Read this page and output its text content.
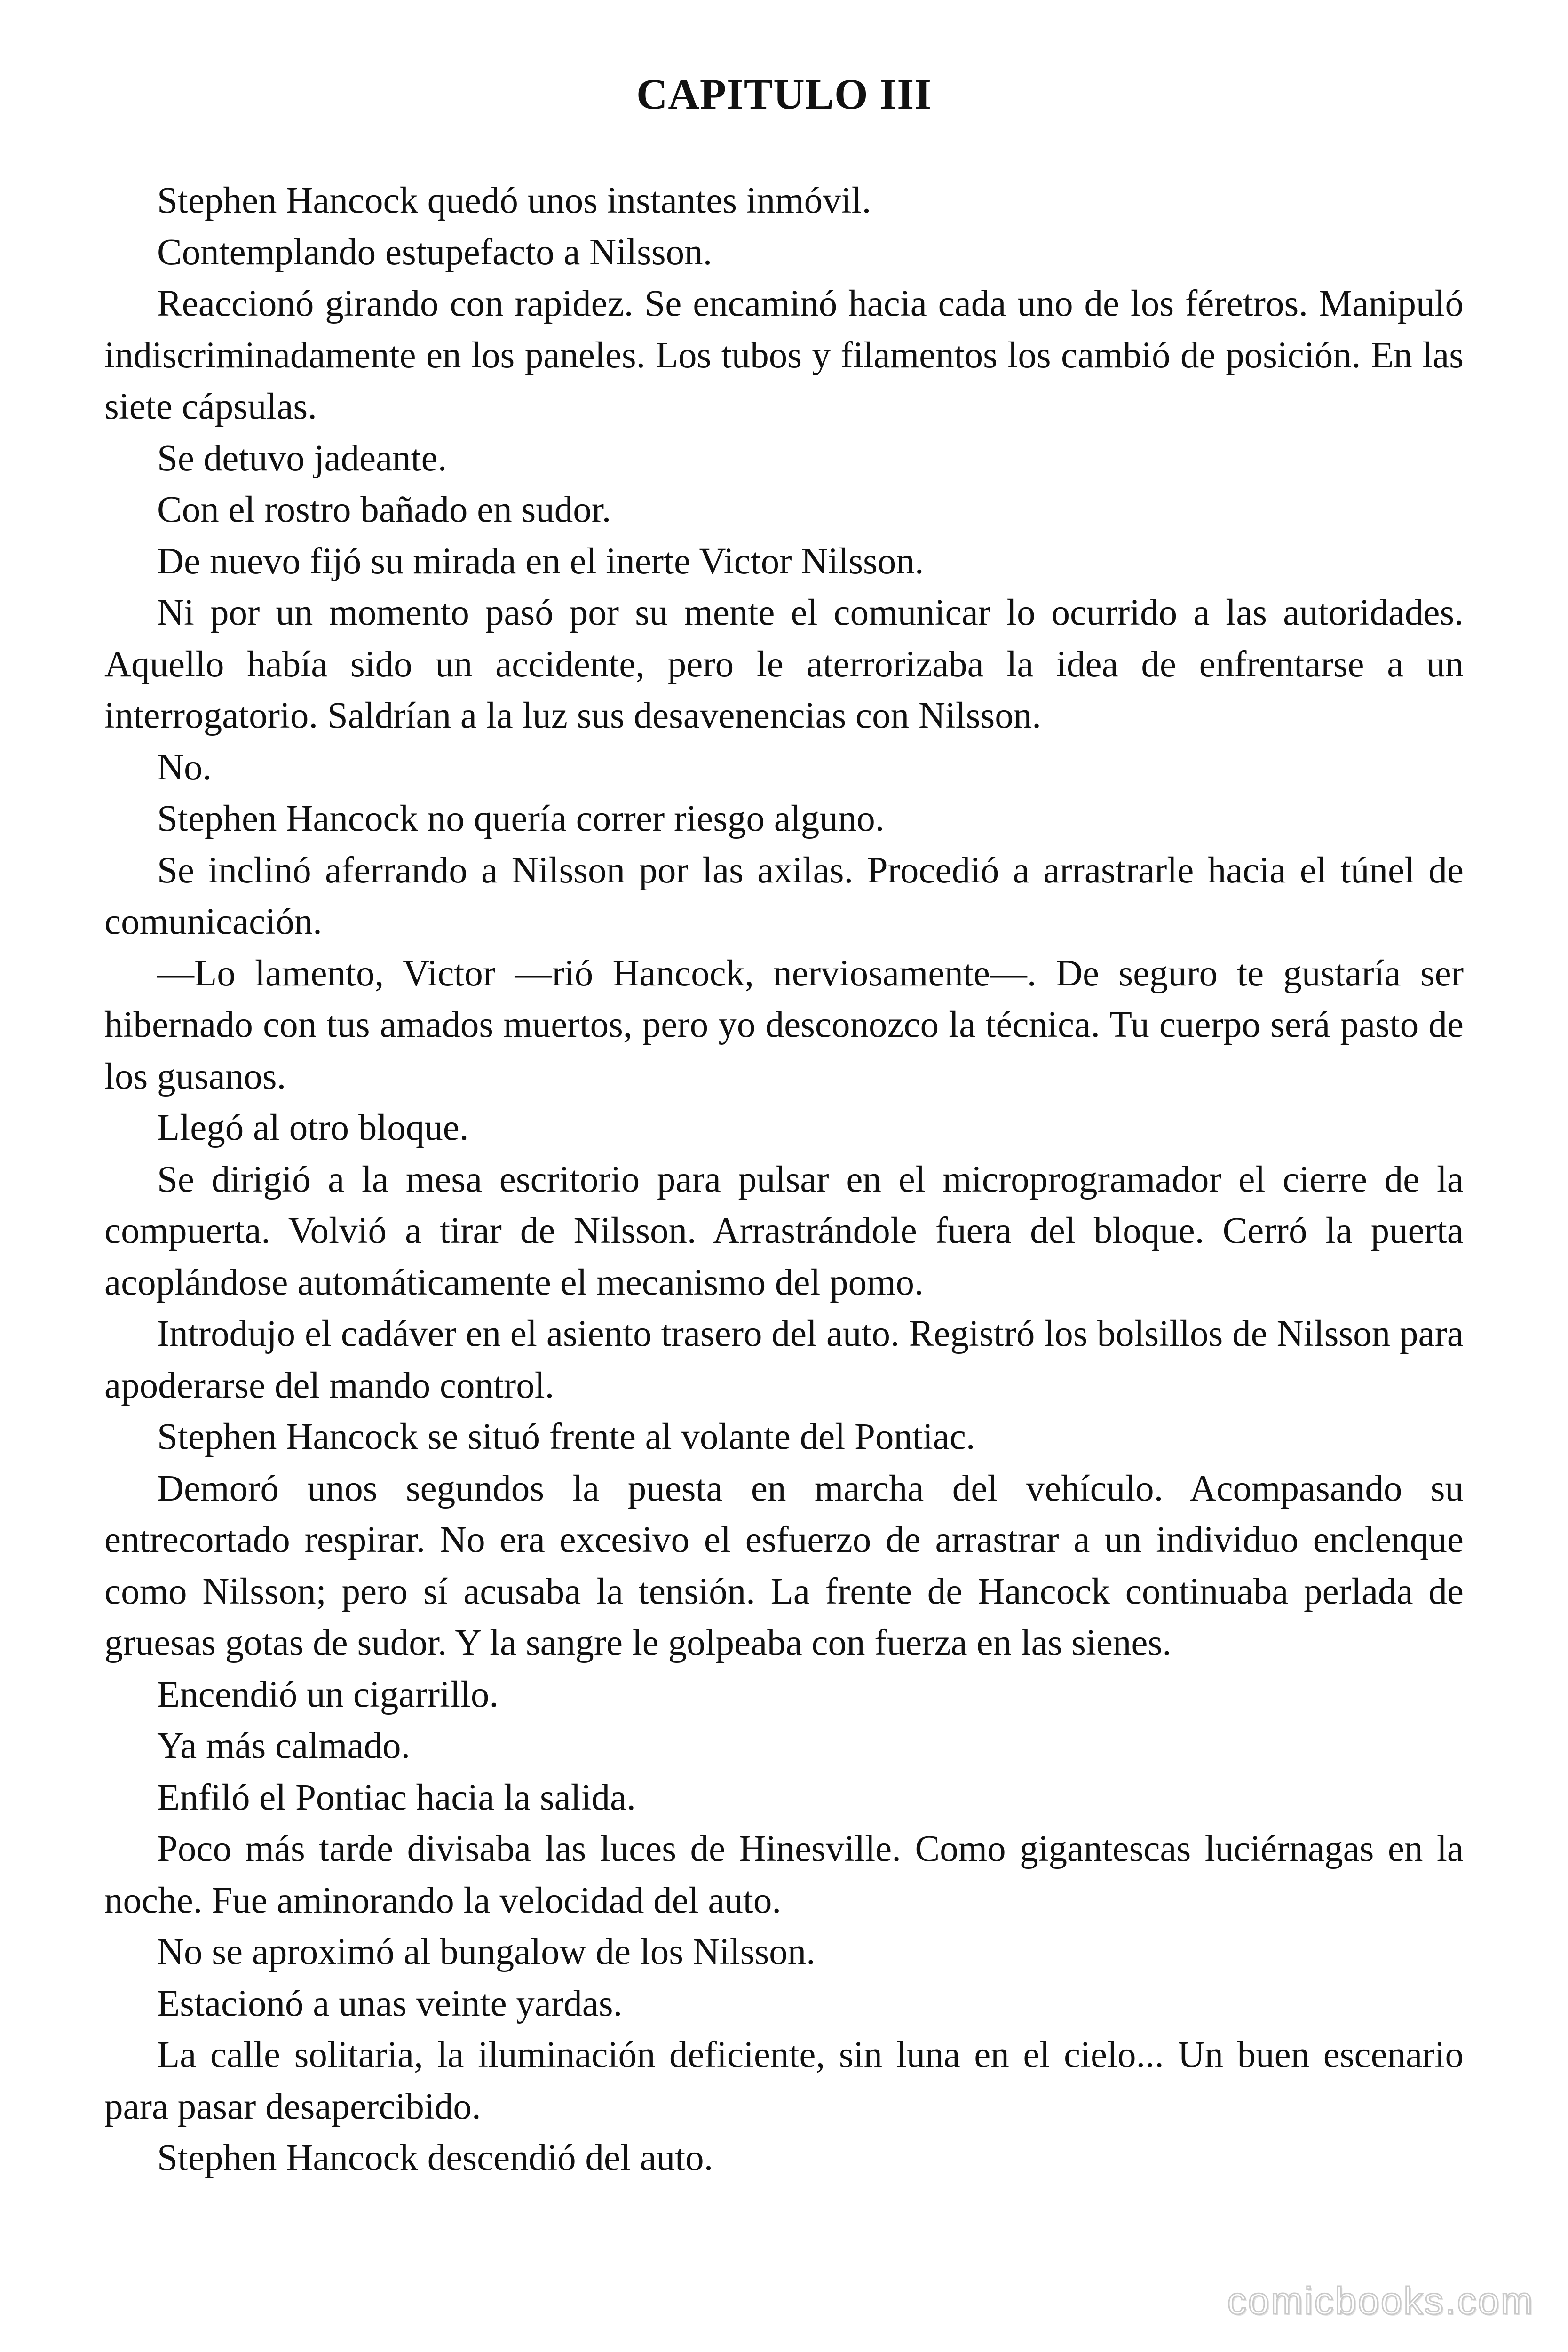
CAPITULO III

Stephen Hancock quedó unos instantes inmóvil.

Contemplando estupefacto a Nilsson.

Reaccionó girando con rapidez. Se encaminó hacia cada uno de los féretros. Manipuló indiscriminadamente en los paneles. Los tubos y filamentos los cambió de posición. En las siete cápsulas.

Se detuvo jadeante.

Con el rostro bañado en sudor.

De nuevo fijó su mirada en el inerte Victor Nilsson.

Ni por un momento pasó por su mente el comunicar lo ocurrido a las autoridades. Aquello había sido un accidente, pero le aterrorizaba la idea de enfrentarse a un interrogatorio. Saldrían a la luz sus desavenencias con Nilsson.

No.

Stephen Hancock no quería correr riesgo alguno.

Se inclinó aferrando a Nilsson por las axilas. Procedió a arrastrarle hacia el túnel de comunicación.

—Lo lamento, Victor —rió Hancock, nerviosamente—. De seguro te gustaría ser hibernado con tus amados muertos, pero yo desconozco la técnica. Tu cuerpo será pasto de los gusanos.

Llegó al otro bloque.

Se dirigió a la mesa escritorio para pulsar en el microprogramador el cierre de la compuerta. Volvió a tirar de Nilsson. Arrastrándole fuera del bloque. Cerró la puerta acoplándose automáticamente el mecanismo del pomo.

Introdujo el cadáver en el asiento trasero del auto. Registró los bolsillos de Nilsson para apoderarse del mando control.

Stephen Hancock se situó frente al volante del Pontiac.

Demoró unos segundos la puesta en marcha del vehículo. Acompasando su entrecortado respirar. No era excesivo el esfuerzo de arrastrar a un individuo enclenque como Nilsson; pero sí acusaba la tensión. La frente de Hancock continuaba perlada de gruesas gotas de sudor. Y la sangre le golpeaba con fuerza en las sienes.

Encendió un cigarrillo.

Ya más calmado.

Enfiló el Pontiac hacia la salida.

Poco más tarde divisaba las luces de Hinesville. Como gigantescas luciérnagas en la noche. Fue aminorando la velocidad del auto.

No se aproximó al bungalow de los Nilsson.

Estacionó a unas veinte yardas.

La calle solitaria, la iluminación deficiente, sin luna en el cielo... Un buen escenario para pasar desapercibido.

Stephen Hancock descendió del auto.

comicbooks.com
